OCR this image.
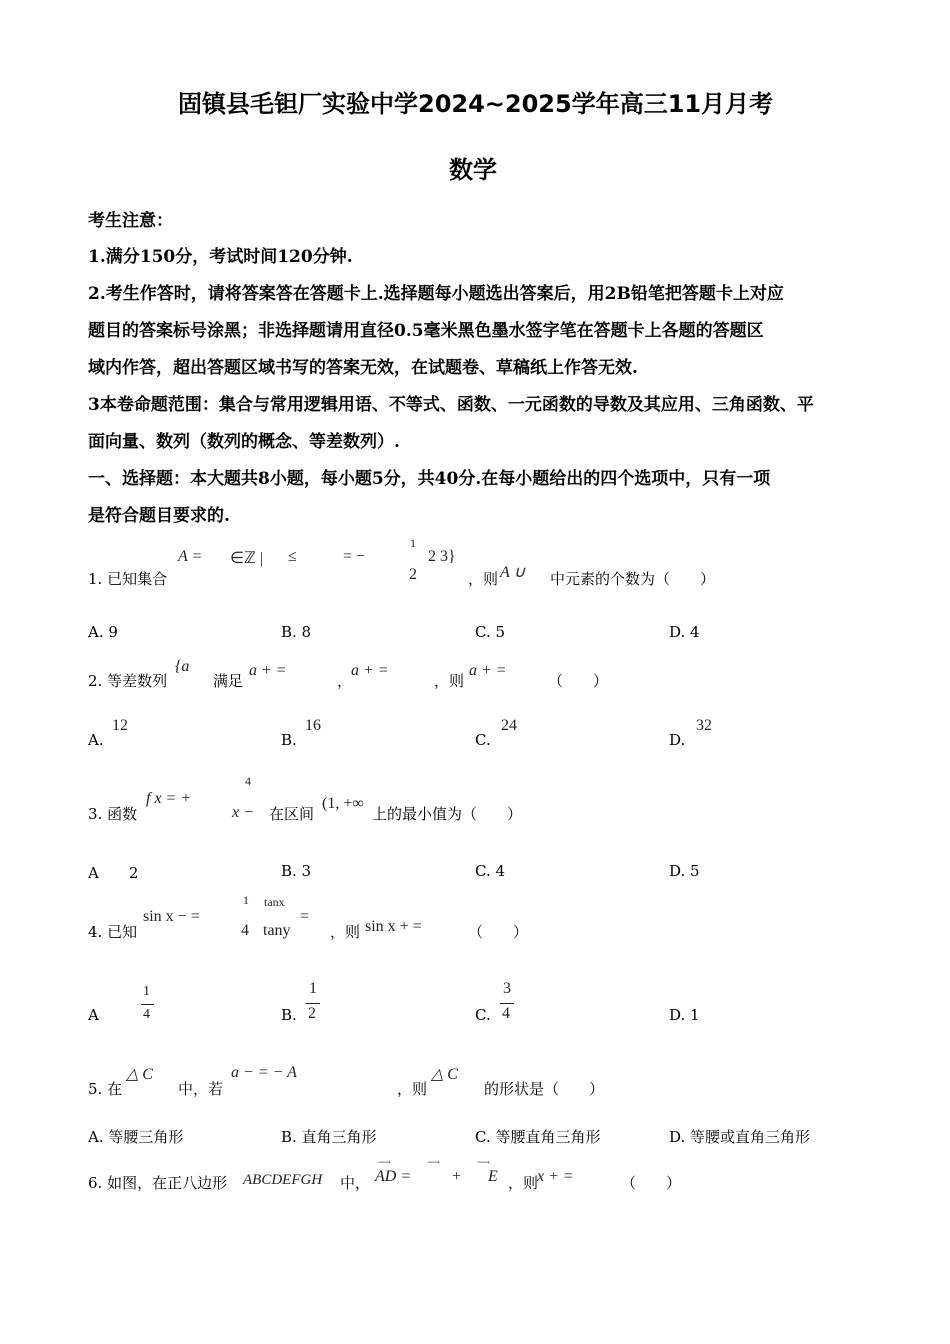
固镇县毛钽厂实验中学2024~2025学年高三11月月考
数学
考生注意：
1.满分150分，考试时间120分钟.
2.考生作答时，请将答案答在答题卡上.选择题每小题选出答案后，用2B铅笔把答题卡上对应
题目的答案标号涂黑；非选择题请用直径0.5毫米黑色墨水签字笔在答题卡上各题的答题区
域内作答，超出答题区域书写的答案无效，在试题卷、草稿纸上作答无效.
3本卷命题范围：集合与常用逻辑用语、不等式、函数、一元函数的导数及其应用、三角函数、平
面向量、数列（数列的概念、等差数列）.
一、选择题：本大题共8小题，每小题5分，共40分.在每小题给出的四个选项中，只有一项
是符合题目要求的.
1. 已知集合
A = ∈ℤ | ≤	= −
1
2
2 3}
，则 A ∪ 中元素的个数为（　　）
A. 9	B. 8	C. 5	D. 4
2. 等差数列
{a
满足
a + =
，
a + =
，则
a + =
（　　）
A.
12
B.
16
C.
24
D.
32
3. 函数
f x = +
4
x − 在区间
(1, +∞
上的最小值为（　　）
A　　2	B. 3	C. 4	D. 5
4. 已知
sin x − =
1
4
tanx
tany
=
，则 sin x + =	（　　）
A
1
4	B.
1
2	C.
3
4	D. 1
5. 在
△ C
中，若
a − = − A
，则
△ C
的形状是（　　）
A. 等腰三角形	B. 直角三角形	C. 等腰直角三角形	D. 等腰或直角三角形
6. 如图，在正八边形 ABCDEFGH 中，
⟶
AD =
⟶
+
⟶
E ，则
x + =	（　　）
